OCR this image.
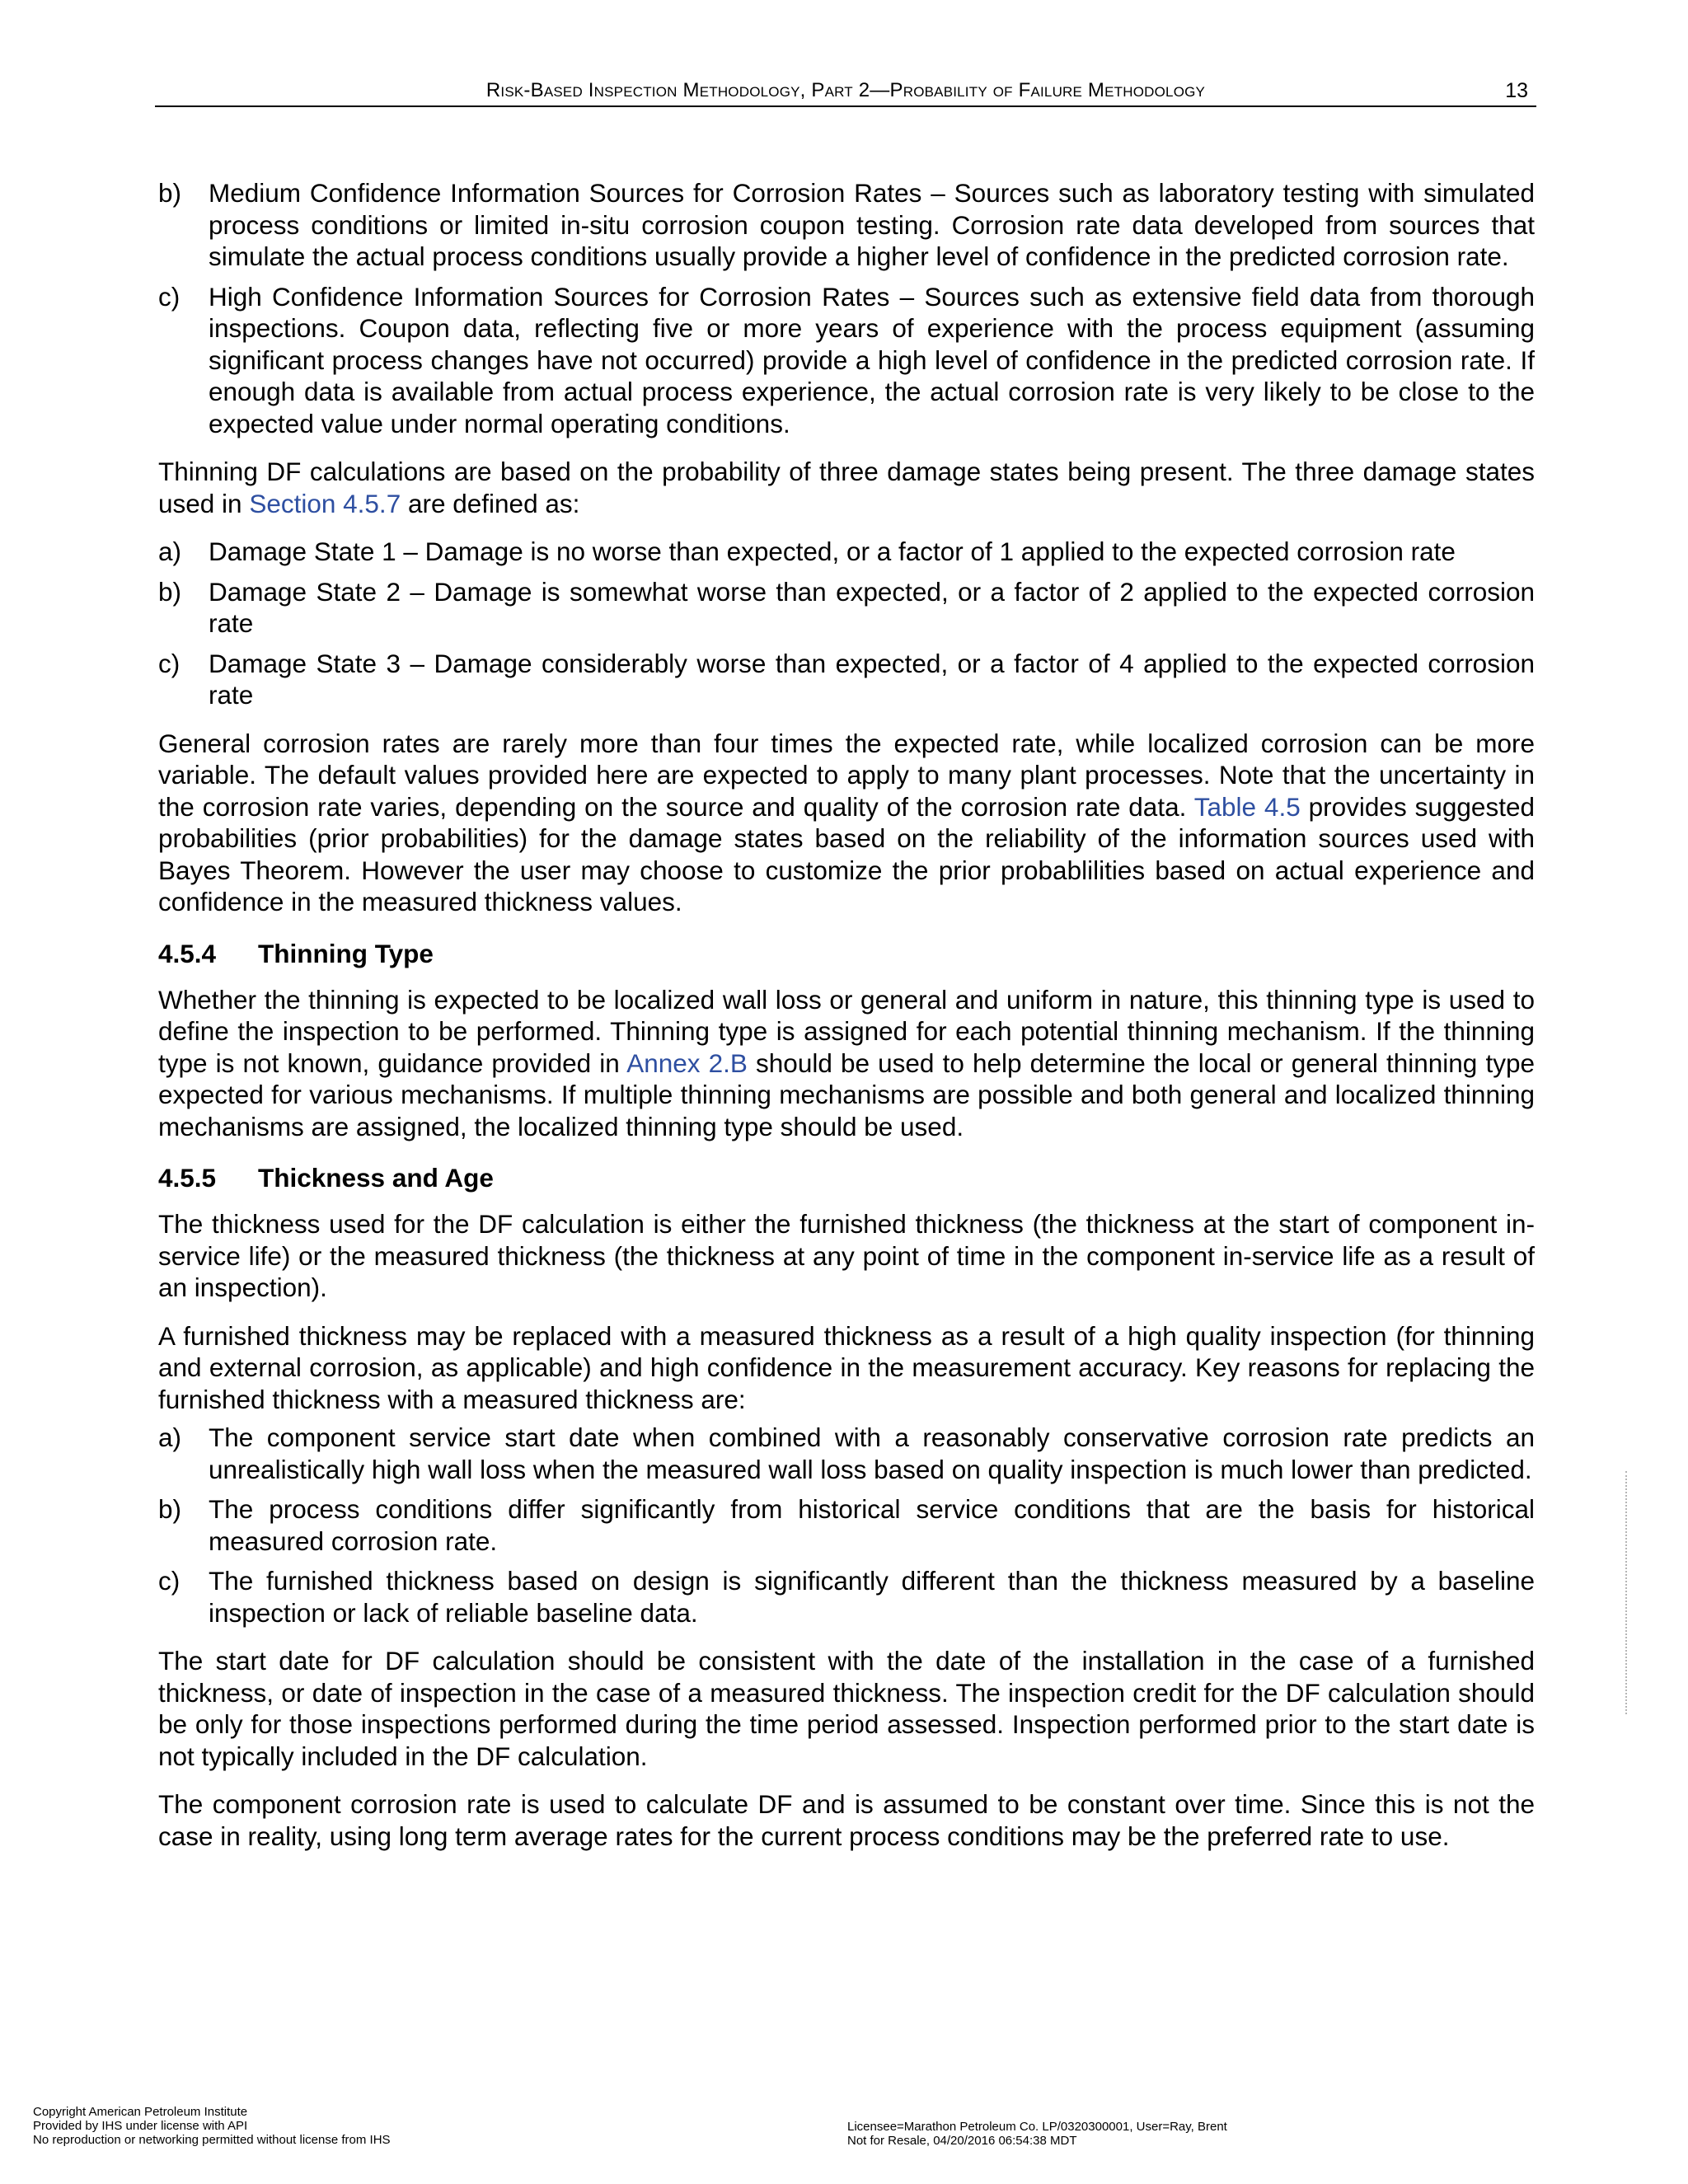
Risk-Based Inspection Methodology, Part 2—Probability of Failure Methodology	13
b) Medium Confidence Information Sources for Corrosion Rates – Sources such as laboratory testing with simulated process conditions or limited in-situ corrosion coupon testing. Corrosion rate data developed from sources that simulate the actual process conditions usually provide a higher level of confidence in the predicted corrosion rate.
c) High Confidence Information Sources for Corrosion Rates – Sources such as extensive field data from thorough inspections. Coupon data, reflecting five or more years of experience with the process equipment (assuming significant process changes have not occurred) provide a high level of confidence in the predicted corrosion rate. If enough data is available from actual process experience, the actual corrosion rate is very likely to be close to the expected value under normal operating conditions.

Thinning DF calculations are based on the probability of three damage states being present. The three damage states used in Section 4.5.7 are defined as:

a) Damage State 1 – Damage is no worse than expected, or a factor of 1 applied to the expected corrosion rate
b) Damage State 2 – Damage is somewhat worse than expected, or a factor of 2 applied to the expected corrosion rate
c) Damage State 3 – Damage considerably worse than expected, or a factor of 4 applied to the expected corrosion rate

General corrosion rates are rarely more than four times the expected rate, while localized corrosion can be more variable. The default values provided here are expected to apply to many plant processes. Note that the uncertainty in the corrosion rate varies, depending on the source and quality of the corrosion rate data. Table 4.5 provides suggested probabilities (prior probabilities) for the damage states based on the reliability of the information sources used with Bayes Theorem. However the user may choose to customize the prior probablilities based on actual experience and confidence in the measured thickness values.

4.5.4 Thinning Type

Whether the thinning is expected to be localized wall loss or general and uniform in nature, this thinning type is used to define the inspection to be performed. Thinning type is assigned for each potential thinning mechanism. If the thinning type is not known, guidance provided in Annex 2.B should be used to help determine the local or general thinning type expected for various mechanisms. If multiple thinning mechanisms are possible and both general and localized thinning mechanisms are assigned, the localized thinning type should be used.

4.5.5 Thickness and Age

The thickness used for the DF calculation is either the furnished thickness (the thickness at the start of component in-service life) or the measured thickness (the thickness at any point of time in the component in-service life as a result of an inspection).

A furnished thickness may be replaced with a measured thickness as a result of a high quality inspection (for thinning and external corrosion, as applicable) and high confidence in the measurement accuracy. Key reasons for replacing the furnished thickness with a measured thickness are:

a) The component service start date when combined with a reasonably conservative corrosion rate predicts an unrealistically high wall loss when the measured wall loss based on quality inspection is much lower than predicted.
b) The process conditions differ significantly from historical service conditions that are the basis for historical measured corrosion rate.
c) The furnished thickness based on design is significantly different than the thickness measured by a baseline inspection or lack of reliable baseline data.

The start date for DF calculation should be consistent with the date of the installation in the case of a furnished thickness, or date of inspection in the case of a measured thickness. The inspection credit for the DF calculation should be only for those inspections performed during the time period assessed. Inspection performed prior to the start date is not typically included in the DF calculation.

The component corrosion rate is used to calculate DF and is assumed to be constant over time. Since this is not the case in reality, using long term average rates for the current process conditions may be the preferred rate to use.

Copyright American Petroleum Institute
Provided by IHS under license with API
No reproduction or networking permitted without license from IHS
Licensee=Marathon Petroleum Co. LP/0320300001, User=Ray, Brent
Not for Resale, 04/20/2016 06:54:38 MDT
